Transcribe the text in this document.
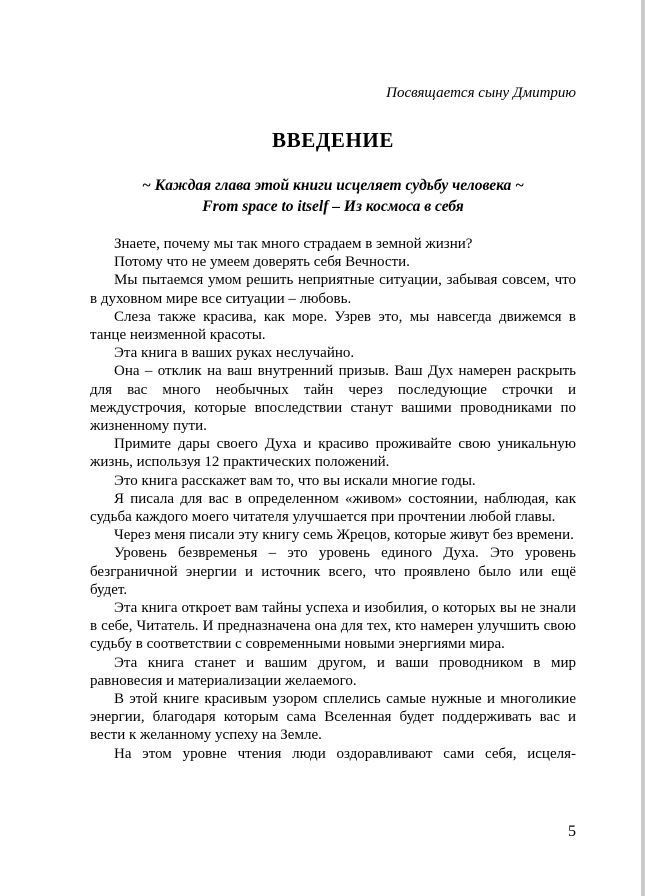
Посвящается сыну Дмитрию
ВВЕДЕНИЕ
~ Каждая глава этой книги исцеляет судьбу человека ~
From space to itself – Из космоса в себя

Знаете, почему мы так много страдаем в земной жизни?

Потому что не умеем доверять себя Вечности.

Мы пытаемся умом решить неприятные ситуации, забывая совсем, что в духовном мире все ситуации – любовь.

Слеза также красива, как море. Узрев это, мы навсегда движемся в танце неизменной красоты.

Эта книга в ваших руках неслучайно.

Она – отклик на ваш внутренний призыв. Ваш Дух намерен раскрыть для вас много необычных тайн через последующие строчки и междустрочия, которые впоследствии станут вашими проводниками по жизненному пути.

Примите дары своего Духа и красиво проживайте свою уникальную жизнь, используя 12 практических положений.

Это книга расскажет вам то, что вы искали многие годы.

Я писала для вас в определенном «живом» состоянии, наблюдая, как судьба каждого моего читателя улучшается при прочтении любой главы.

Через меня писали эту книгу семь Жрецов, которые живут без времени.

Уровень безвременья – это уровень единого Духа. Это уровень безграничной энергии и источник всего, что проявлено было или ещё будет.

Эта книга откроет вам тайны успеха и изобилия, о которых вы не знали в себе, Читатель. И предназначена она для тех, кто намерен улучшить свою судьбу в соответствии с современными новыми энергиями мира.

Эта книга станет и вашим другом, и ваши проводником в мир равновесия и материализации желаемого.

В этой книге красивым узором сплелись самые нужные и многоликие энергии, благодаря которым сама Вселенная будет поддерживать вас и вести к желанному успеху на Земле.

На этом уровне чтения люди оздоравливают сами себя, исцеля-

5
